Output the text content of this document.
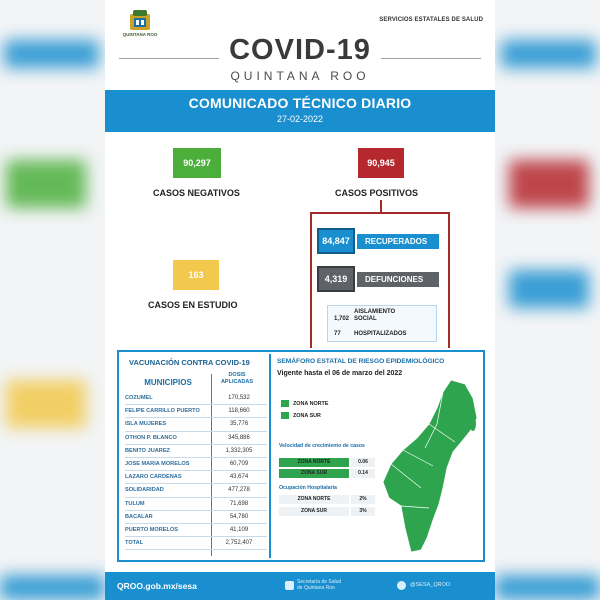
QUINTANA ROO
SERVICIOS ESTATALES DE SALUD
COVID-19
QUINTANA ROO
COMUNICADO TÉCNICO DIARIO
27-02-2022
90,297
CASOS NEGATIVOS
90,945
CASOS POSITIVOS
163
CASOS EN ESTUDIO
84,847	RECUPERADOS
4,319	DEFUNCIONES
1,702
AISLAMIENTO SOCIAL
77 HOSPITALIZADOS
VACUNACIÓN CONTRA COVID-19
MUNICIPIOS
DOSIS APLICADAS
COZUMEL	170,532
FELIPE CARRILLO PUERTO	118,660
ISLA MUJERES	35,776
OTHON P. BLANCO	345,886
BENITO JUAREZ	1,332,305
JOSE MARIA MORELOS	60,709
LAZARO CARDENAS	43,674
SOLIDARIDAD	477,278
TULUM	71,698
BACALAR	54,780
PUERTO MORELOS	41,109
TOTAL	2,752,407
SEMÁFORO ESTATAL DE RIESGO EPIDEMIOLÓGICO
Vigente hasta el 06 de marzo del 2022
ZONA NORTE
ZONA SUR
Velocidad de crecimiento de casos
ZONA NORTE	0.06
ZONA SUR	0.14
Ocupación Hospitalaria
ZONA NORTE	2%
ZONA SUR	3%
QROO.gob.mx/sesa	Secretaría de Salud
de Quintana Roo	@SESA_QROO
